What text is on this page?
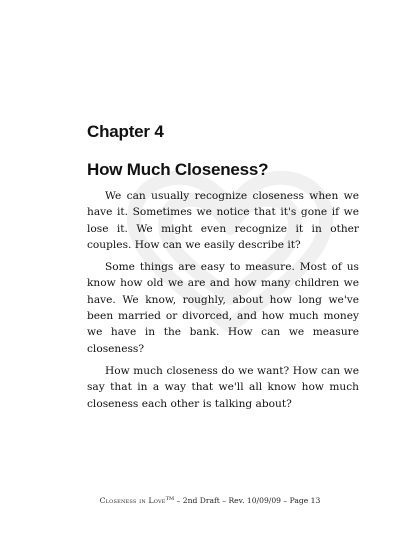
Chapter 4
How Much Closeness?

We can usually recognize closeness when we have it. Sometimes we notice that it's gone if we lose it. We might even recognize it in other couples. How can we easily describe it?

Some things are easy to measure. Most of us know how old we are and how many children we have. We know, roughly, about how long we've been married or divorced, and how much money we have in the bank. How can we measure closeness?

How much closeness do we want? How can we say that in a way that we'll all know how much closeness each other is talking about?

Closeness in Love™ – 2nd Draft – Rev. 10/09/09 – Page 13
